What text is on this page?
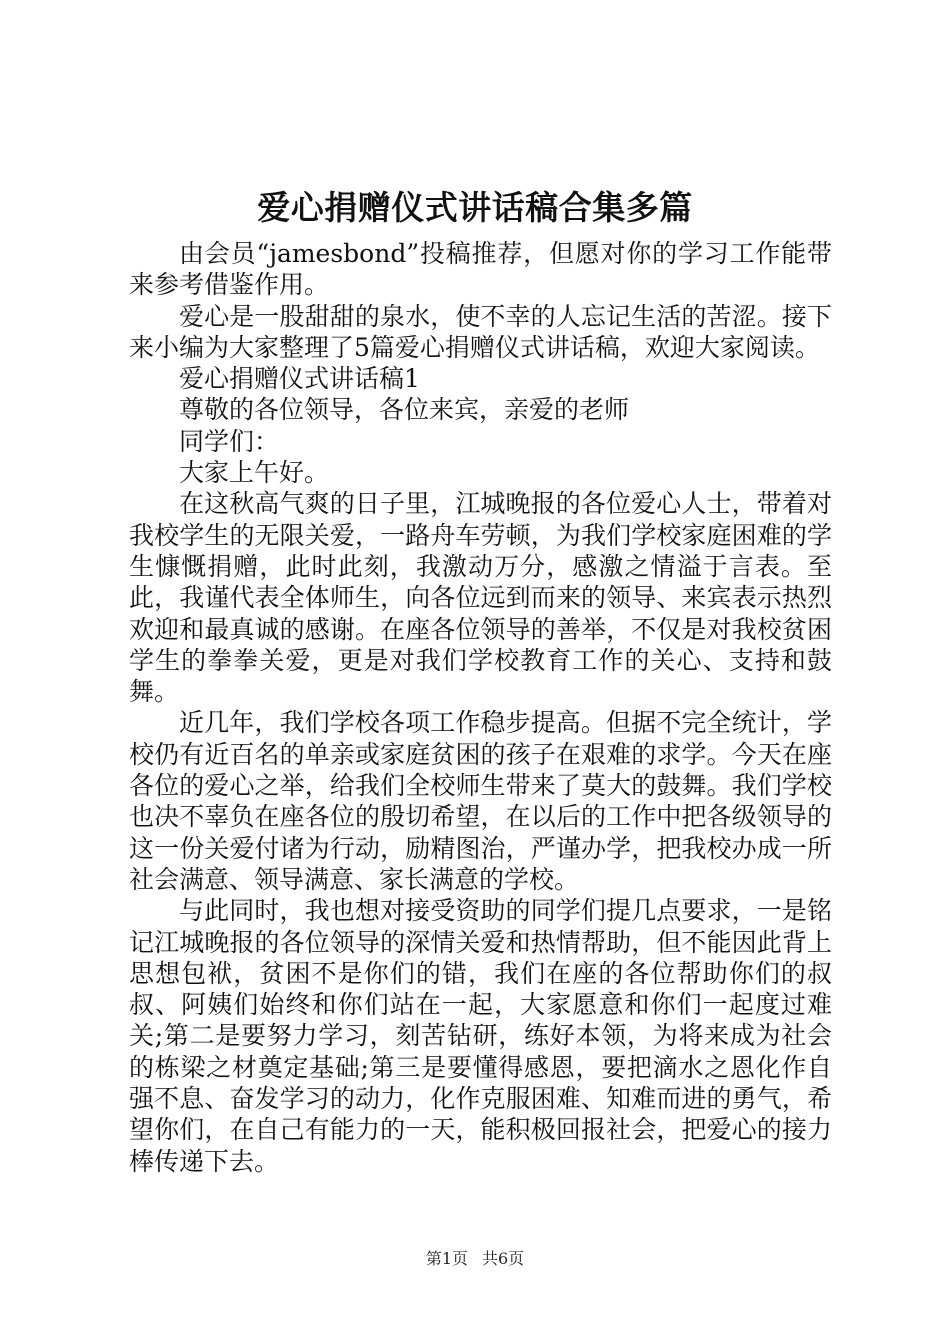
爱心捐赠仪式讲话稿合集多篇

由会员“jamesbond”投稿推荐，但愿对你的学习工作能带来参考借鉴作用。

爱心是一股甜甜的泉水，使不幸的人忘记生活的苦涩。接下来小编为大家整理了5篇爱心捐赠仪式讲话稿，欢迎大家阅读。

爱心捐赠仪式讲话稿1

尊敬的各位领导，各位来宾，亲爱的老师

同学们：

大家上午好。

在这秋高气爽的日子里，江城晚报的各位爱心人士，带着对我校学生的无限关爱，一路舟车劳顿，为我们学校家庭困难的学生慷慨捐赠，此时此刻，我激动万分，感激之情溢于言表。至此，我谨代表全体师生，向各位远到而来的领导、来宾表示热烈欢迎和最真诚的感谢。在座各位领导的善举，不仅是对我校贫困学生的拳拳关爱，更是对我们学校教育工作的关心、支持和鼓舞。

近几年，我们学校各项工作稳步提高。但据不完全统计，学校仍有近百名的单亲或家庭贫困的孩子在艰难的求学。今天在座各位的爱心之举，给我们全校师生带来了莫大的鼓舞。我们学校也决不辜负在座各位的殷切希望，在以后的工作中把各级领导的这一份关爱付诸为行动，励精图治，严谨办学，把我校办成一所社会满意、领导满意、家长满意的学校。

与此同时，我也想对接受资助的同学们提几点要求，一是铭记江城晚报的各位领导的深情关爱和热情帮助，但不能因此背上思想包袱，贫困不是你们的错，我们在座的各位帮助你们的叔叔、阿姨们始终和你们站在一起，大家愿意和你们一起度过难关;第二是要努力学习，刻苦钻研，练好本领，为将来成为社会的栋梁之材奠定基础;第三是要懂得感恩，要把滴水之恩化作自强不息、奋发学习的动力，化作克服困难、知难而进的勇气，希望你们，在自己有能力的一天，能积极回报社会，把爱心的接力棒传递下去。

第1页 共6页
